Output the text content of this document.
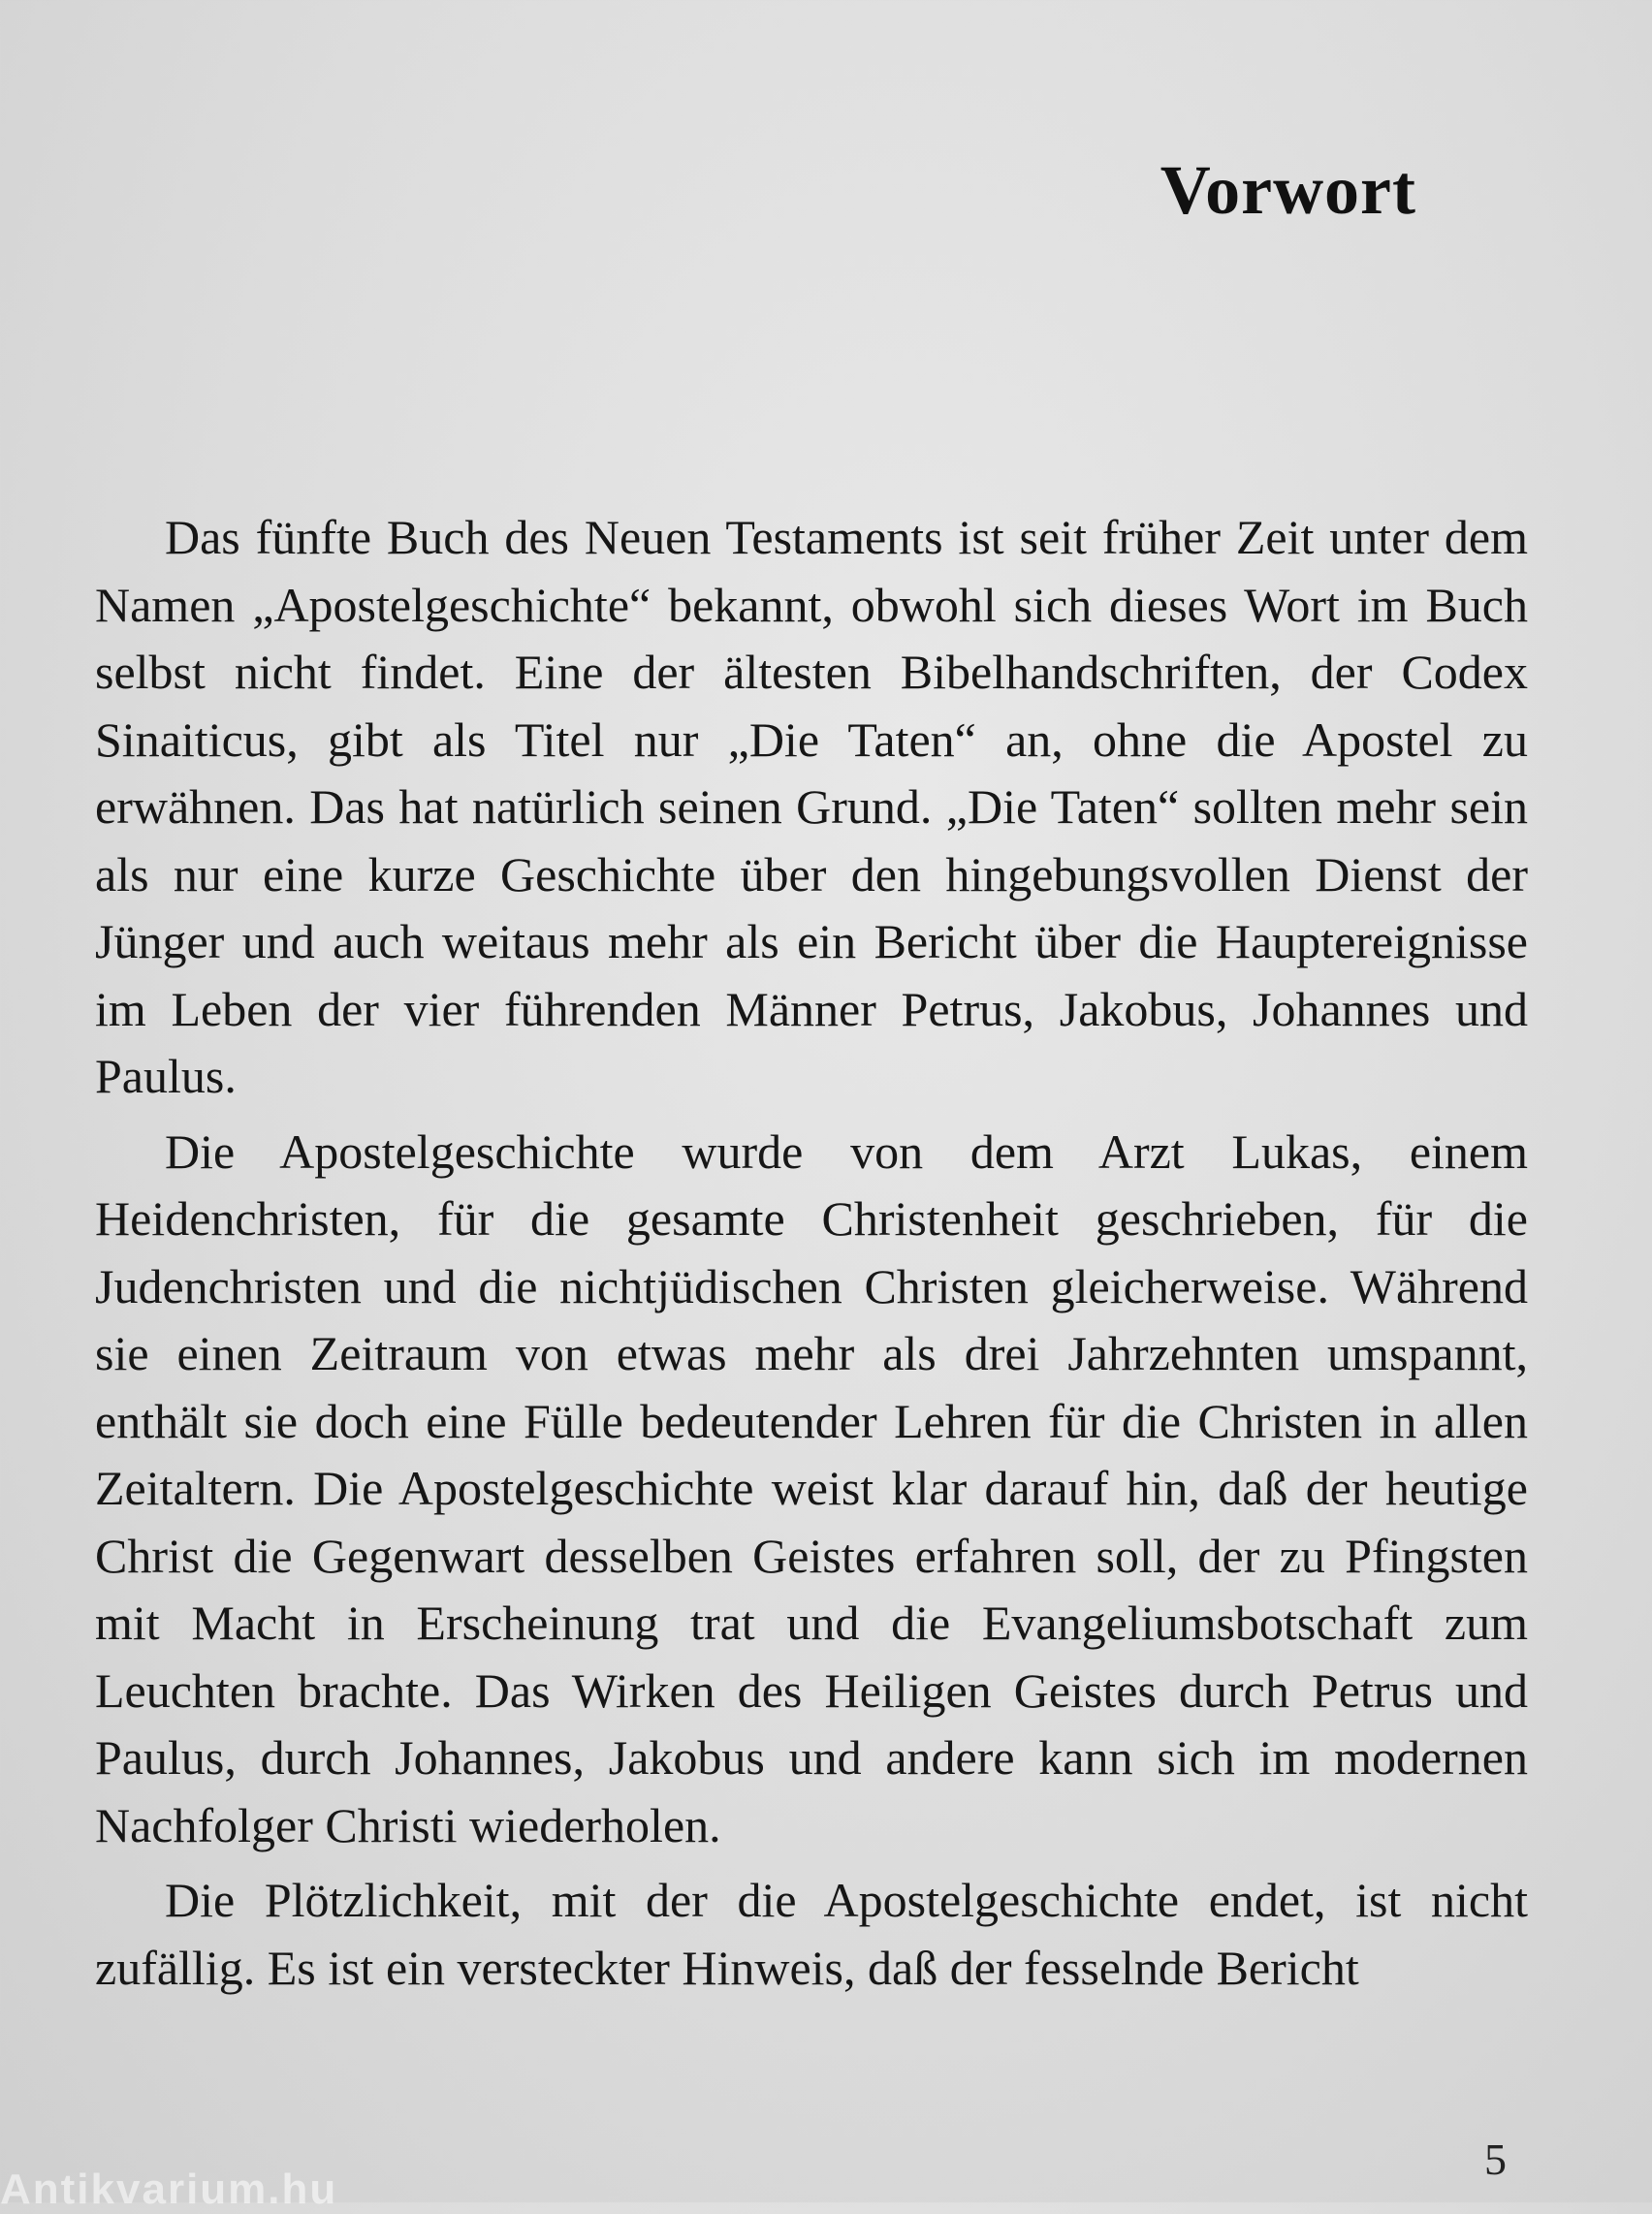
Vorwort

Das fünfte Buch des Neuen Testaments ist seit früher Zeit unter dem Namen „Apostelgeschichte“ bekannt, obwohl sich dieses Wort im Buch selbst nicht findet. Eine der ältesten Bibelhandschriften, der Codex Sinaiticus, gibt als Titel nur „Die Taten“ an, ohne die Apostel zu erwähnen. Das hat natürlich seinen Grund. „Die Taten“ sollten mehr sein als nur eine kurze Geschichte über den hingebungsvollen Dienst der Jünger und auch weitaus mehr als ein Bericht über die Hauptereignisse im Leben der vier führenden Männer Petrus, Jakobus, Johannes und Paulus.

Die Apostelgeschichte wurde von dem Arzt Lukas, einem Heidenchristen, für die gesamte Christenheit geschrieben, für die Judenchristen und die nichtjüdischen Christen gleicherweise. Während sie einen Zeitraum von etwas mehr als drei Jahrzehnten umspannt, enthält sie doch eine Fülle bedeutender Lehren für die Christen in allen Zeitaltern. Die Apostelgeschichte weist klar darauf hin, daß der heutige Christ die Gegenwart desselben Geistes erfahren soll, der zu Pfingsten mit Macht in Erscheinung trat und die Evangeliumsbotschaft zum Leuchten brachte. Das Wirken des Heiligen Geistes durch Petrus und Paulus, durch Johannes, Jakobus und andere kann sich im modernen Nachfolger Christi wiederholen.

Die Plötzlichkeit, mit der die Apostelgeschichte endet, ist nicht zufällig. Es ist ein versteckter Hinweis, daß der fesselnde Bericht

5
Antikvarium.hu
